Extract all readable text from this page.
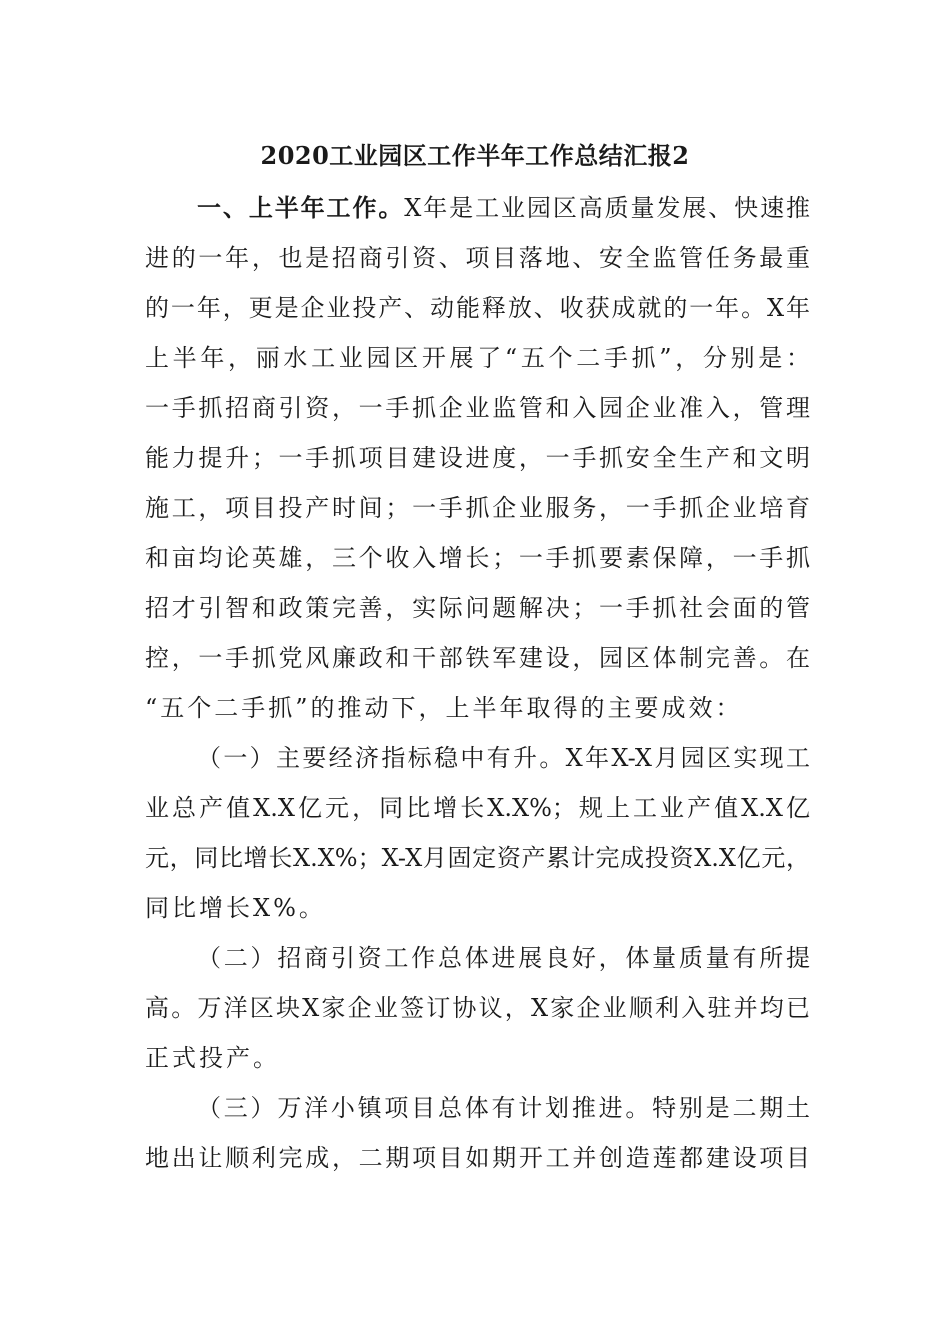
2020工业园区工作半年工作总结汇报2
一、上半年工作。X年是工业园区高质量发展、快速推
进的一年，也是招商引资、项目落地、安全监管任务最重
的一年，更是企业投产、动能释放、收获成就的一年。X年
上半年，丽水工业园区开展了“五个二手抓”，分别是：
一手抓招商引资，一手抓企业监管和入园企业准入，管理
能力提升；一手抓项目建设进度，一手抓安全生产和文明
施工，项目投产时间；一手抓企业服务，一手抓企业培育
和亩均论英雄，三个收入增长；一手抓要素保障，一手抓
招才引智和政策完善，实际问题解决；一手抓社会面的管
控，一手抓党风廉政和干部铁军建设，园区体制完善。在
“五个二手抓”的推动下，上半年取得的主要成效：
（一）主要经济指标稳中有升。X年X-X月园区实现工
业总产值X.X亿元，同比增长X.X%；规上工业产值X.X亿
元，同比增长X.X%；X-X月固定资产累计完成投资X.X亿元，
同比增长X%。
（二）招商引资工作总体进展良好，体量质量有所提
高。万洋区块X家企业签订协议，X家企业顺利入驻并均已
正式投产。
（三）万洋小镇项目总体有计划推进。特别是二期土
地出让顺利完成，二期项目如期开工并创造莲都建设项目
